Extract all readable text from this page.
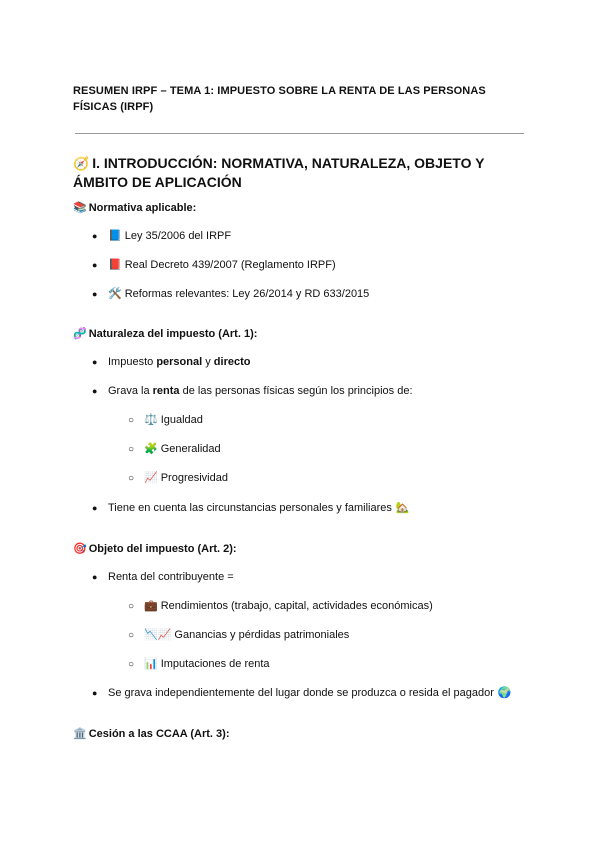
RESUMEN IRPF – TEMA 1: IMPUESTO SOBRE LA RENTA DE LAS PERSONAS FÍSICAS (IRPF)
🧭 I. INTRODUCCIÓN: NORMATIVA, NATURALEZA, OBJETO Y ÁMBITO DE APLICACIÓN
📚 Normativa aplicable:
● 📘 Ley 35/2006 del IRPF
● 📕 Real Decreto 439/2007 (Reglamento IRPF)
● 🛠️ Reformas relevantes: Ley 26/2014 y RD 633/2015
🧬 Naturaleza del impuesto (Art. 1):
● Impuesto personal y directo
● Grava la renta de las personas físicas según los principios de:
○ ⚖️ Igualdad
○ 🧩 Generalidad
○ 📈 Progresividad
● Tiene en cuenta las circunstancias personales y familiares 🏡
🎯 Objeto del impuesto (Art. 2):
● Renta del contribuyente =
○ 💼 Rendimientos (trabajo, capital, actividades económicas)
○ 📉📈 Ganancias y pérdidas patrimoniales
○ 📊 Imputaciones de renta
● Se grava independientemente del lugar donde se produzca o resida el pagador 🌍
🏛️ Cesión a las CCAA (Art. 3):
